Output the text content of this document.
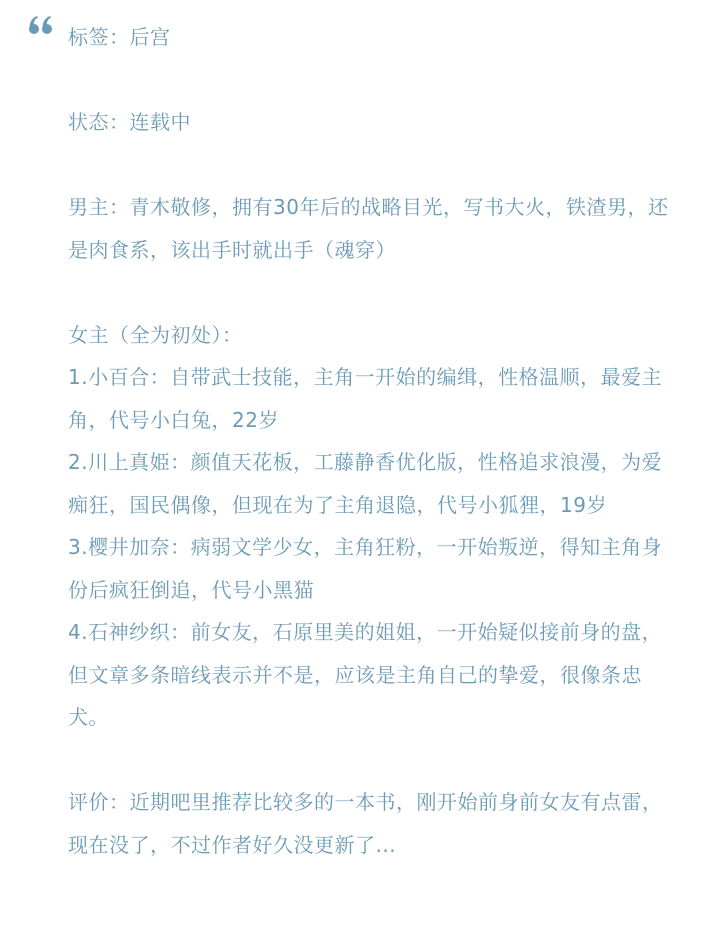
标签：后宫

状态：连载中

男主：青木敬修，拥有30年后的战略目光，写书大火，铁渣男，还是肉食系，该出手时就出手（魂穿）

女主（全为初处）：

1.小百合：自带武士技能，主角一开始的编缉，性格温顺，最爱主角，代号小白兔，22岁

2.川上真姫：颜值天花板，工藤静香优化版，性格追求浪漫，为爱痴狂，国民偶像，但现在为了主角退隐，代号小狐狸，19岁

3.樱井加奈：病弱文学少女，主角狂粉，一开始叛逆，得知主角身份后疯狂倒追，代号小黑猫

4.石神纱织：前女友，石原里美的姐姐，一开始疑似接前身的盘，但文章多条暗线表示并不是，应该是主角自己的挚爱，很像条忠犬。

评价：近期吧里推荐比较多的一本书，刚开始前身前女友有点雷，现在没了，不过作者好久没更新了...
